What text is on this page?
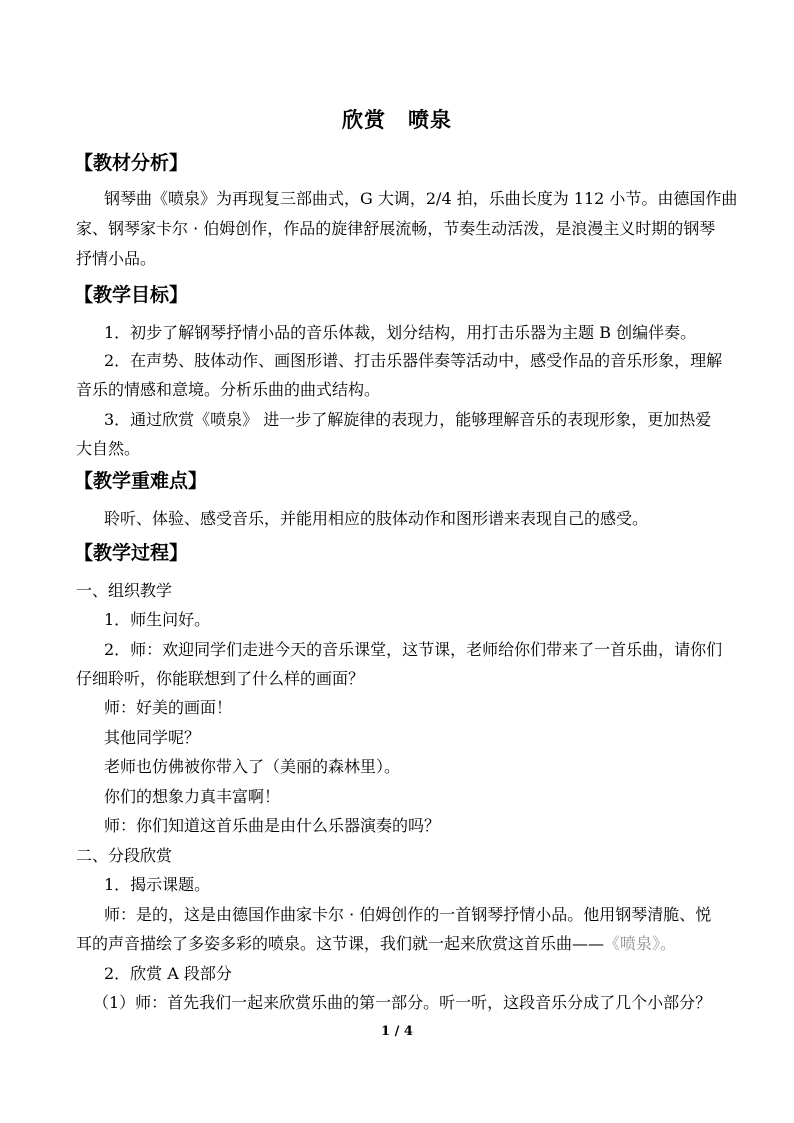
欣赏　喷泉
【教材分析】
钢琴曲《喷泉》为再现复三部曲式，G 大调，2/4 拍，乐曲长度为 112 小节。由德国作曲
家、钢琴家卡尔 · 伯姆创作，作品的旋律舒展流畅，节奏生动活泼，是浪漫主义时期的钢琴
抒情小品。
【教学目标】
1．初步了解钢琴抒情小品的音乐体裁，划分结构，用打击乐器为主题 B 创编伴奏。
2．在声势、肢体动作、画图形谱、打击乐器伴奏等活动中，感受作品的音乐形象，理解
音乐的情感和意境。分析乐曲的曲式结构。
3．通过欣赏《喷泉》 进一步了解旋律的表现力，能够理解音乐的表现形象，更加热爱
大自然。
【教学重难点】
聆听、体验、感受音乐，并能用相应的肢体动作和图形谱来表现自己的感受。
【教学过程】
一、组织教学
1．师生问好。
2．师：欢迎同学们走进今天的音乐课堂，这节课，老师给你们带来了一首乐曲，请你们
仔细聆听，你能联想到了什么样的画面？
师：好美的画面！
其他同学呢？
老师也仿佛被你带入了（美丽的森林里）。
你们的想象力真丰富啊！
师：你们知道这首乐曲是由什么乐器演奏的吗？
二、分段欣赏
1．揭示课题。
师：是的，这是由德国作曲家卡尔 · 伯姆创作的一首钢琴抒情小品。他用钢琴清脆、悦
耳的声音描绘了多姿多彩的喷泉。这节课，我们就一起来欣赏这首乐曲——《喷泉》。
2．欣赏 A 段部分
（1）师：首先我们一起来欣赏乐曲的第一部分。听一听，这段音乐分成了几个小部分？
1 / 4
